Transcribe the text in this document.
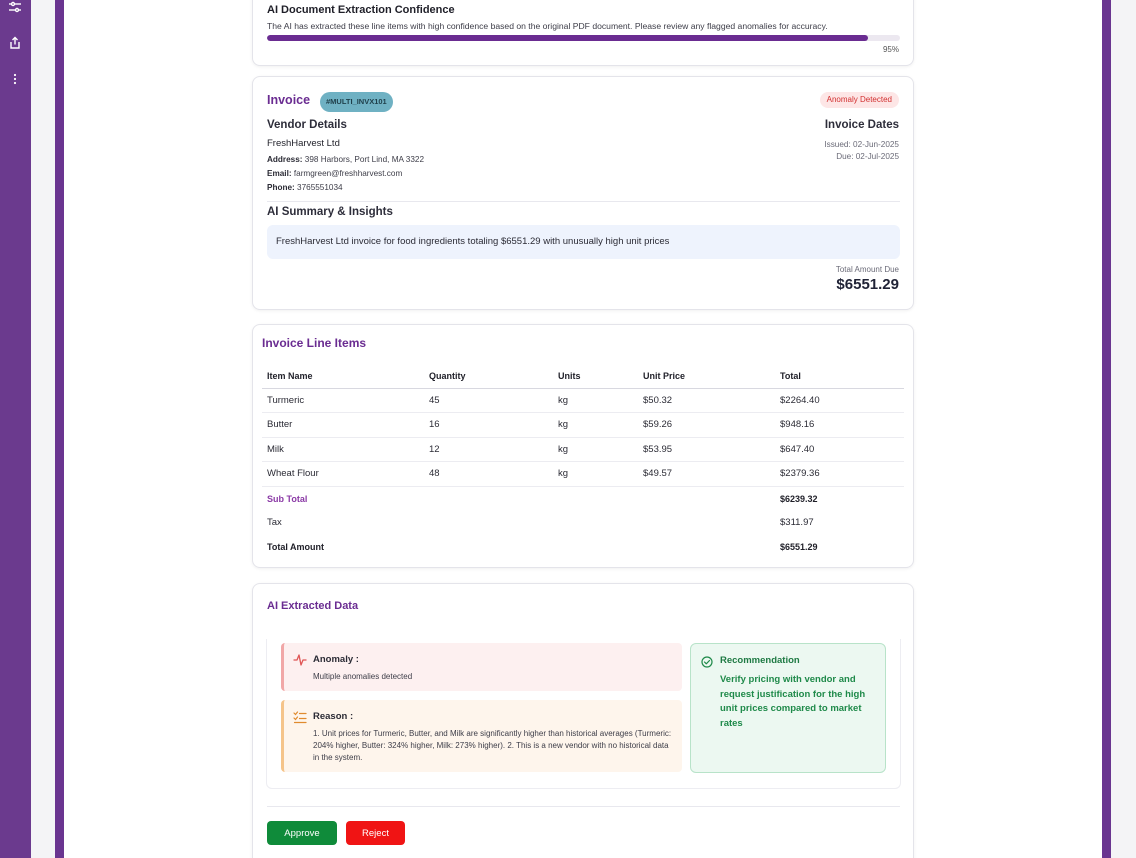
AI Document Extraction Confidence
The AI has extracted these line items with high confidence based on the original PDF document. Please review any flagged anomalies for accuracy.
95%
Invoice	#MULTI_INVX101	Anomaly Detected
Vendor Details
FreshHarvest Ltd
Address: 398 Harbors, Port Lind, MA 3322
Email: farmgreen@freshharvest.com
Phone: 3765551034
Invoice Dates
Issued: 02-Jun-2025
Due: 02-Jul-2025
AI Summary & Insights
FreshHarvest Ltd invoice for food ingredients totaling $6551.29 with unusually high unit prices
Total Amount Due
$6551.29
Invoice Line Items
Item Name	Quantity	Units	Unit Price	Total
Turmeric	45	kg	$50.32	$2264.40
Butter	16	kg	$59.26	$948.16
Milk	12	kg	$53.95	$647.40
Wheat Flour	48	kg	$49.57	$2379.36
Sub Total				$6239.32
Tax				$311.97
Total Amount				$6551.29
AI Extracted Data
Anomaly :
Multiple anomalies detected
Reason :
1. Unit prices for Turmeric, Butter, and Milk are significantly higher than historical averages (Turmeric: 204% higher, Butter: 324% higher, Milk: 273% higher). 2. This is a new vendor with no historical data in the system.
Recommendation
Verify pricing with vendor and request justification for the high unit prices compared to market rates
Approve	Reject
